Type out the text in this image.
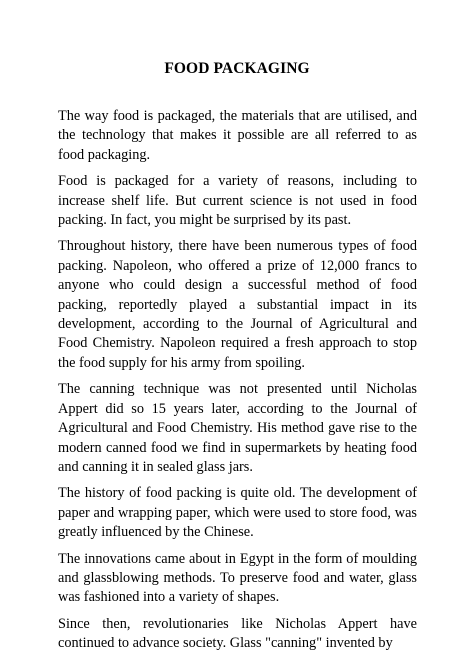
FOOD PACKAGING

The way food is packaged, the materials that are utilised, and the technology that makes it possible are all referred to as food packaging.

Food is packaged for a variety of reasons, including to increase shelf life. But current science is not used in food packing. In fact, you might be surprised by its past.

Throughout history, there have been numerous types of food packing. Napoleon, who offered a prize of 12,000 francs to anyone who could design a successful method of food packing, reportedly played a substantial impact in its development, according to the Journal of Agricultural and Food Chemistry. Napoleon required a fresh approach to stop the food supply for his army from spoiling.

The canning technique was not presented until Nicholas Appert did so 15 years later, according to the Journal of Agricultural and Food Chemistry. His method gave rise to the modern canned food we find in supermarkets by heating food and canning it in sealed glass jars.

The history of food packing is quite old. The development of paper and wrapping paper, which were used to store food, was greatly influenced by the Chinese.

The innovations came about in Egypt in the form of moulding and glassblowing methods. To preserve food and water, glass was fashioned into a variety of shapes.

Since then, revolutionaries like Nicholas Appert have continued to advance society. Glass "canning" invented by
